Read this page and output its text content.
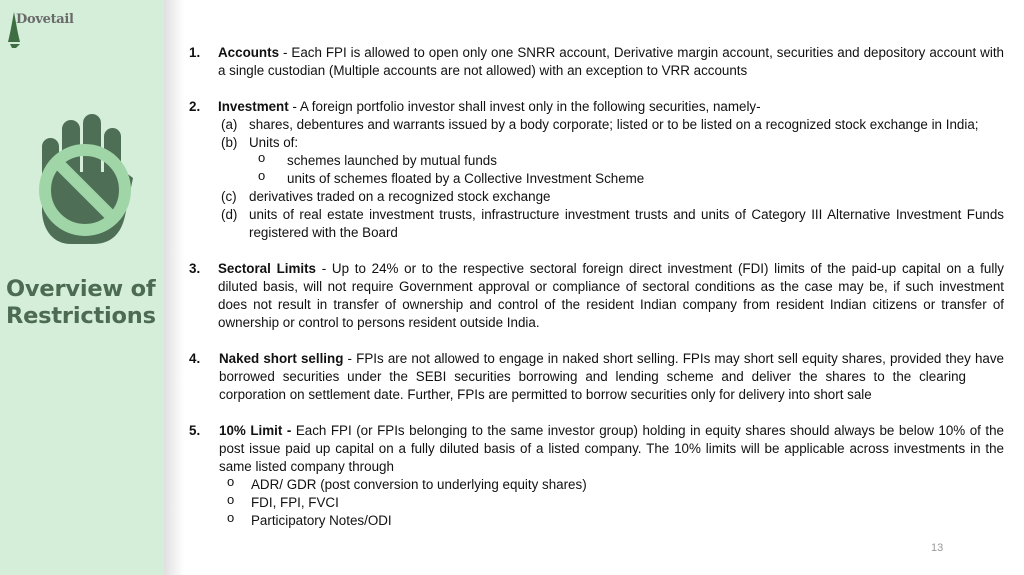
Dovetail
Overview of
Restrictions
1. Accounts - Each FPI is allowed to open only one SNRR account, Derivative margin account, securities and depository account with
a single custodian (Multiple accounts are not allowed) with an exception to VRR accounts
2. Investment - A foreign portfolio investor shall invest only in the following securities, namely-
(a) shares, debentures and warrants issued by a body corporate; listed or to be listed on a recognized stock exchange in India;
(b) Units of:
o schemes launched by mutual funds
o units of schemes floated by a Collective Investment Scheme
(c) derivatives traded on a recognized stock exchange
(d) units of real estate investment trusts, infrastructure investment trusts and units of Category III Alternative Investment Funds
registered with the Board
3. Sectoral Limits - Up to 24% or to the respective sectoral foreign direct investment (FDI) limits of the paid-up capital on a fully
diluted basis, will not require Government approval or compliance of sectoral conditions as the case may be, if such investment
does not result in transfer of ownership and control of the resident Indian company from resident Indian citizens or transfer of
ownership or control to persons resident outside India.
4. Naked short selling - FPIs are not allowed to engage in naked short selling. FPIs may short sell equity shares, provided they have
borrowed securities under the SEBI securities borrowing and lending scheme and deliver the shares to the clearing
corporation on settlement date. Further, FPIs are permitted to borrow securities only for delivery into short sale
5. 10% Limit - Each FPI (or FPIs belonging to the same investor group) holding in equity shares should always be below 10% of the
post issue paid up capital on a fully diluted basis of a listed company. The 10% limits will be applicable across investments in the
same listed company through
o ADR/ GDR (post conversion to underlying equity shares)
o FDI, FPI, FVCI
o Participatory Notes/ODI
13
